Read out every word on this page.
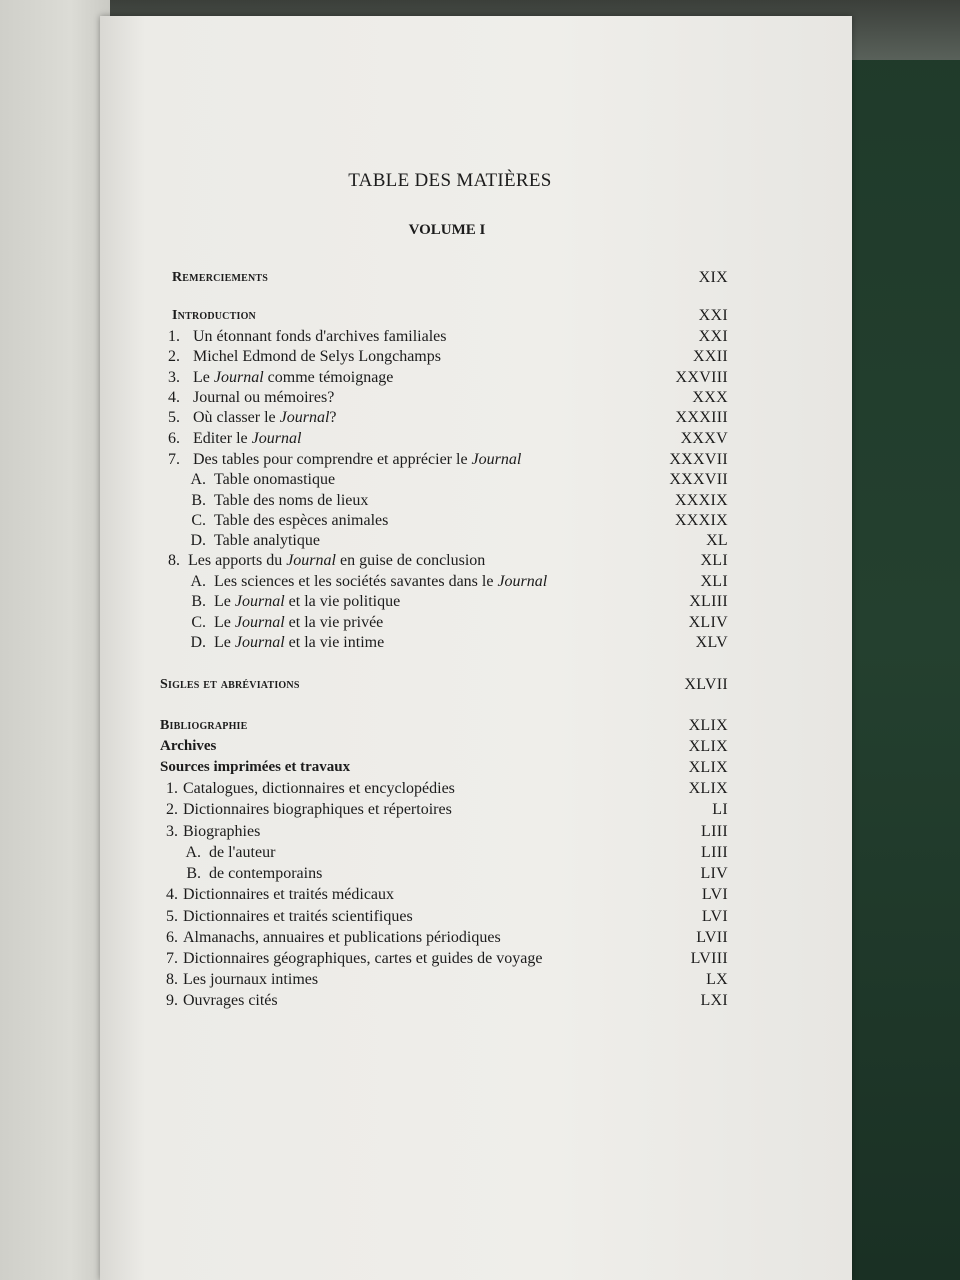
TABLE DES MATIÈRES
VOLUME I
Remerciements	XIX
Introduction	XXI
1. Un étonnant fonds d'archives familiales	XXI
2. Michel Edmond de Selys Longchamps	XXII
3. Le Journal comme témoignage	XXVIII
4. Journal ou mémoires?	XXX
5. Où classer le Journal?	XXXIII
6. Editer le Journal	XXXV
7. Des tables pour comprendre et apprécier le Journal	XXXVII
A. Table onomastique	XXXVII
B. Table des noms de lieux	XXXIX
C. Table des espèces animales	XXXIX
D. Table analytique	XL
8. Les apports du Journal en guise de conclusion	XLI
A. Les sciences et les sociétés savantes dans le Journal	XLI
B. Le Journal et la vie politique	XLIII
C. Le Journal et la vie privée	XLIV
D. Le Journal et la vie intime	XLV
Sigles et abréviations	XLVII
Bibliographie	XLIX
Archives	XLIX
Sources imprimées et travaux	XLIX
1. Catalogues, dictionnaires et encyclopédies	XLIX
2. Dictionnaires biographiques et répertoires	LI
3. Biographies	LIII
A. de l'auteur	LIII
B. de contemporains	LIV
4. Dictionnaires et traités médicaux	LVI
5. Dictionnaires et traités scientifiques	LVI
6. Almanachs, annuaires et publications périodiques	LVII
7. Dictionnaires géographiques, cartes et guides de voyage	LVIII
8. Les journaux intimes	LX
9. Ouvrages cités	LXI
